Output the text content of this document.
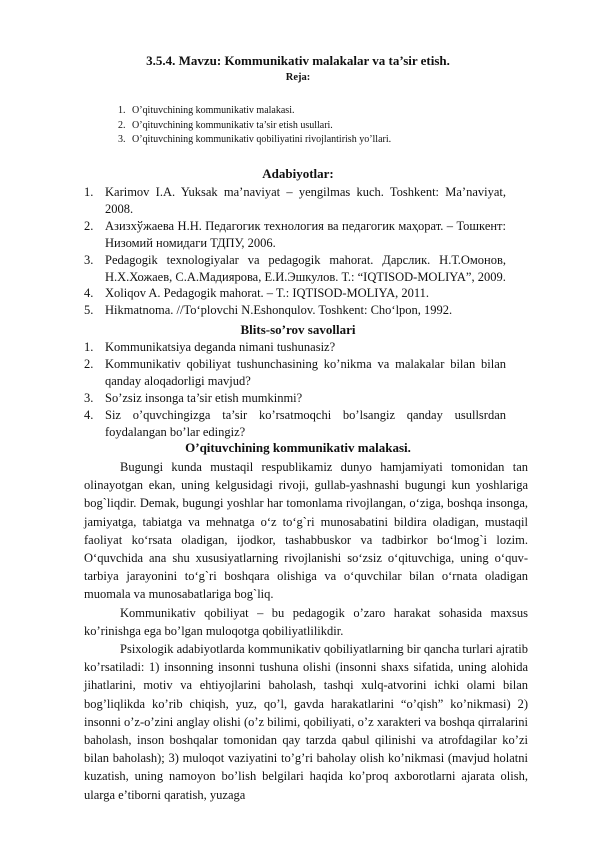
3.5.4. Mavzu: Kommunikativ malakalar va ta’sir etish.
Reja:
1. O’qituvchining kommunikativ malakasi.
2. O’qituvchining kommunikativ ta’sir etish usullari.
3. O’qituvchining kommunikativ qobiliyatini rivojlantirish yo’llari.
Adabiyotlar:
1. Karimov I.A. Yuksak ma’naviyat – yengilmas kuch. Toshkent: Ma’naviyat, 2008.
2. Азизхўжаева Н.Н. Педагогик технология ва педагогик маҳорат. – Тошкент: Низомий номидаги ТДПУ, 2006.
3. Pedagogik texnologiyalar va pedagogik mahorat. Дарслик. Н.Т.Омонов, Н.Х.Хожаев, С.А.Мадиярова, Е.И.Эшкулов. Т.: “IQTISOD-MOLIYA”, 2009.
4. Xoliqov A. Pedagogik mahorat. – T.: IQTISOD-MOLIYA, 2011.
5. Hikmatnoma. //To‘plovchi N.Eshonqulov. Toshkent: Cho‘lpon, 1992.
Blits-so’rov savollari
1. Kommunikatsiya deganda nimani tushunasiz?
2. Kommunikativ qobiliyat tushunchasining ko’nikma va malakalar bilan bilan qanday aloqadorligi mavjud?
3. So’zsiz insonga ta’sir etish mumkinmi?
4. Siz o’quvchingizga ta’sir ko’rsatmoqchi bo’lsangiz qanday usullsrdan foydalangan bo’lar edingiz?
O’qituvchining kommunikativ malakasi.

Bugungi kunda mustaqil respublikamiz dunyo hamjamiyati tomonidan tan olinayotgan ekan, uning kelgusidagi rivoji, gullab-yashnashi bugungi kun yoshlariga bog`liqdir. Demak, bugungi yoshlar har tomonlama rivojlangan, o‘ziga, boshqa insonga, jamiyatga, tabiatga va mehnatga o‘z to‘g`ri munosabatini bildira oladigan, mustaqil faoliyat ko‘rsata oladigan, ijodkor, tashabbuskor va tadbirkor bo‘lmog`i lozim. O‘quvchida ana shu xususiyatlarning rivojlanishi so‘zsiz o‘qituvchiga, uning o‘quv-tarbiya jarayonini to‘g`ri boshqara olishiga va o‘quvchilar bilan o‘rnata oladigan muomala va munosabatlariga bog`liq.

Kommunikativ qobiliyat – bu pedagogik o’zaro harakat sohasida maxsus ko’rinishga ega bo’lgan muloqotga qobiliyatlilikdir.

Psixologik adabiyotlarda kommunikativ qobiliyatlarning bir qancha turlari ajratib ko’rsatiladi: 1) insonning insonni tushuna olishi (insonni shaxs sifatida, uning alohida jihatlarini, motiv va ehtiyojlarini baholash, tashqi xulq-atvorini ichki olami bilan bog’liqlikda ko’rib chiqish, yuz, qo’l, gavda harakatlarini “o’qish” ko’nikmasi) 2) insonni o’z-o’zini anglay olishi (o’z bilimi, qobiliyati, o’z xarakteri va boshqa qirralarini baholash, inson boshqalar tomonidan qay tarzda qabul qilinishi va atrofdagilar ko’zi bilan baholash); 3) muloqot vaziyatini to’g’ri baholay olish ko’nikmasi (mavjud holatni kuzatish, uning namoyon bo’lish belgilari haqida ko’proq axborotlarni ajarata olish, ularga e’tiborni qaratish, yuzaga
